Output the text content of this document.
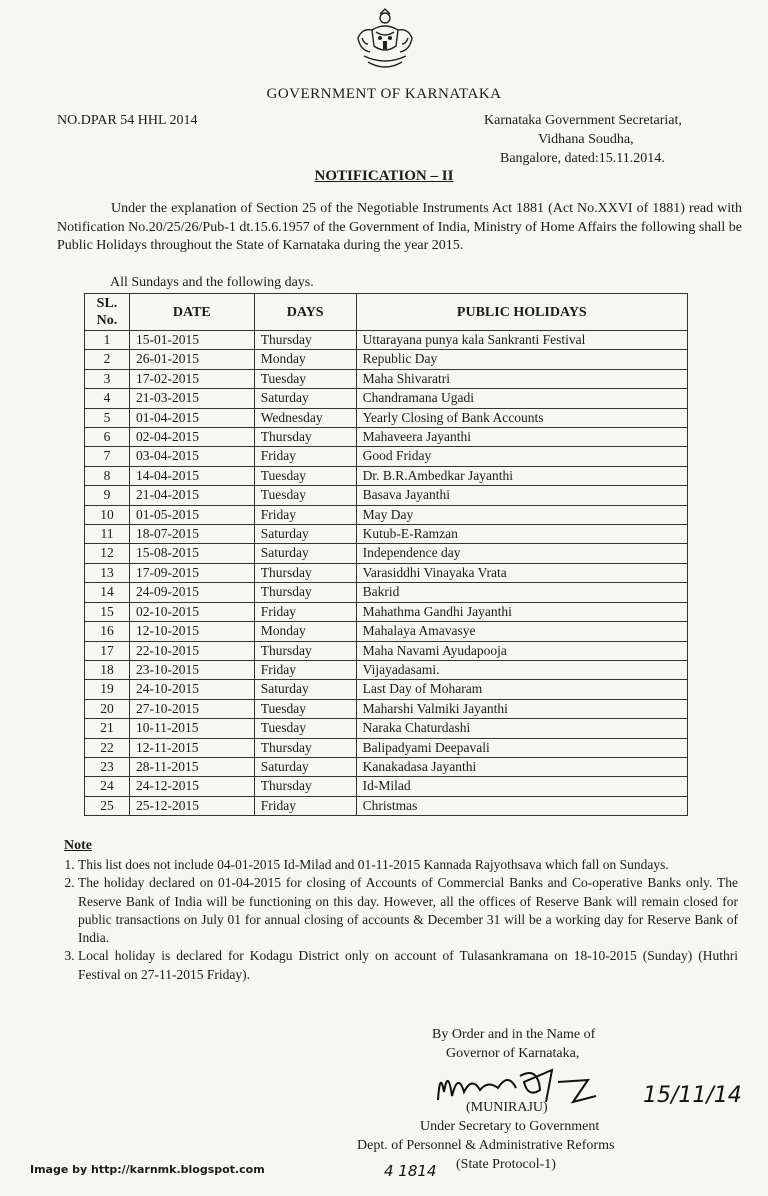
GOVERNMENT OF KARNATAKA
NO.DPAR 54 HHL 2014	Karnataka Government Secretariat,
Vidhana Soudha,
Bangalore, dated:15.11.2014.
NOTIFICATION – II

Under the explanation of Section 25 of the Negotiable Instruments Act 1881 (Act No.XXVI of 1881) read with Notification No.20/25/26/Pub-1 dt.15.6.1957 of the Government of India, Ministry of Home Affairs the following shall be Public Holidays throughout the State of Karnataka during the year 2015.

All Sundays and the following days.
SL. No.	DATE	DAYS	PUBLIC HOLIDAYS
1	15-01-2015	Thursday	Uttarayana punya kala Sankranti Festival
2	26-01-2015	Monday	Republic Day
3	17-02-2015	Tuesday	Maha Shivaratri
4	21-03-2015	Saturday	Chandramana Ugadi
5	01-04-2015	Wednesday	Yearly Closing of Bank Accounts
6	02-04-2015	Thursday	Mahaveera Jayanthi
7	03-04-2015	Friday	Good Friday
8	14-04-2015	Tuesday	Dr. B.R.Ambedkar Jayanthi
9	21-04-2015	Tuesday	Basava Jayanthi
10	01-05-2015	Friday	May Day
11	18-07-2015	Saturday	Kutub-E-Ramzan
12	15-08-2015	Saturday	Independence day
13	17-09-2015	Thursday	Varasiddhi Vinayaka Vrata
14	24-09-2015	Thursday	Bakrid
15	02-10-2015	Friday	Mahathma Gandhi Jayanthi
16	12-10-2015	Monday	Mahalaya Amavasye
17	22-10-2015	Thursday	Maha Navami Ayudapooja
18	23-10-2015	Friday	Vijayadasami.
19	24-10-2015	Saturday	Last Day of Moharam
20	27-10-2015	Tuesday	Maharshi Valmiki Jayanthi
21	10-11-2015	Tuesday	Naraka Chaturdashi
22	12-11-2015	Thursday	Balipadyami Deepavali
23	28-11-2015	Saturday	Kanakadasa Jayanthi
24	24-12-2015	Thursday	Id-Milad
25	25-12-2015	Friday	Christmas
Note
1. This list does not include 04-01-2015 Id-Milad and 01-11-2015 Kannada Rajyothsava which fall on Sundays.
2. The holiday declared on 01-04-2015 for closing of Accounts of Commercial Banks and Co-operative Banks only. The Reserve Bank of India will be functioning on this day. However, all the offices of Reserve Bank will remain closed for public transactions on July 01 for annual closing of accounts & December 31 will be a working day for Reserve Bank of India.
3. Local holiday is declared for Kodagu District only on account of Tulasankramana on 18-10-2015 (Sunday) (Huthri Festival on 27-11-2015 Friday).
By Order and in the Name of
Governor of Karnataka,
15/11/14
(MUNIRAJU)
Under Secretary to Government
Dept. of Personnel & Administrative Reforms
(State Protocol-1)
Image by http://karnmk.blogspot.com	4 1814
